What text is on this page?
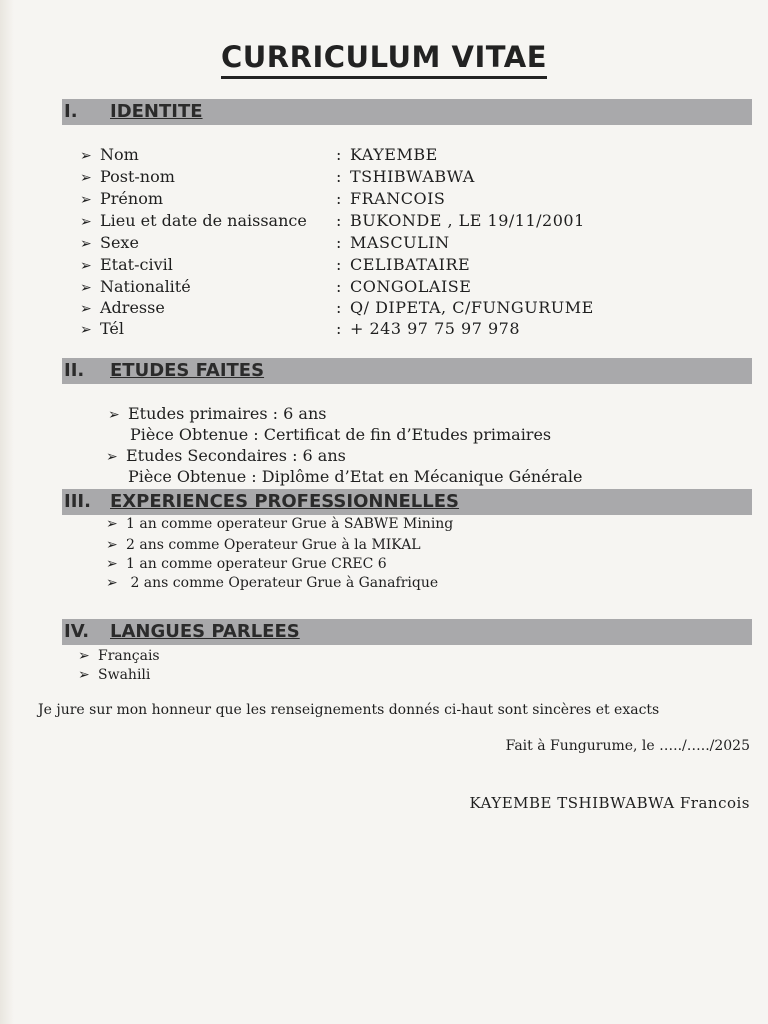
CURRICULUM VITAE
I. IDENTITE
➢ Nom	: KAYEMBE
➢ Post-nom	: TSHIBWABWA
➢ Prénom	: FRANCOIS
➢ Lieu et date de naissance : BUKONDE , LE 19/11/2001
➢ Sexe	: MASCULIN
➢ Etat-civil	: CELIBATAIRE
➢ Nationalité	: CONGOLAISE
➢ Adresse	: Q/ DIPETA, C/FUNGURUME
➢ Tél	: + 243 97 75 97 978
II. ETUDES FAITES
➢ Etudes primaires : 6 ans
Pièce Obtenue : Certificat de fin d’Etudes primaires
➢ Etudes Secondaires : 6 ans
Pièce Obtenue : Diplôme d’Etat en Mécanique Générale
III. EXPERIENCES PROFESSIONNELLES
➢ 1 an comme operateur Grue à SABWE Mining
➢ 2 ans comme Operateur Grue à la MIKAL
➢ 1 an comme operateur Grue CREC 6
➢ 2 ans comme Operateur Grue à Ganafrique
IV. LANGUES PARLEES
➢ Français
➢ Swahili
Je jure sur mon honneur que les renseignements donnés ci-haut sont sincères et exacts
Fait à Fungurume, le …../…../2025
KAYEMBE TSHIBWABWA Francois
